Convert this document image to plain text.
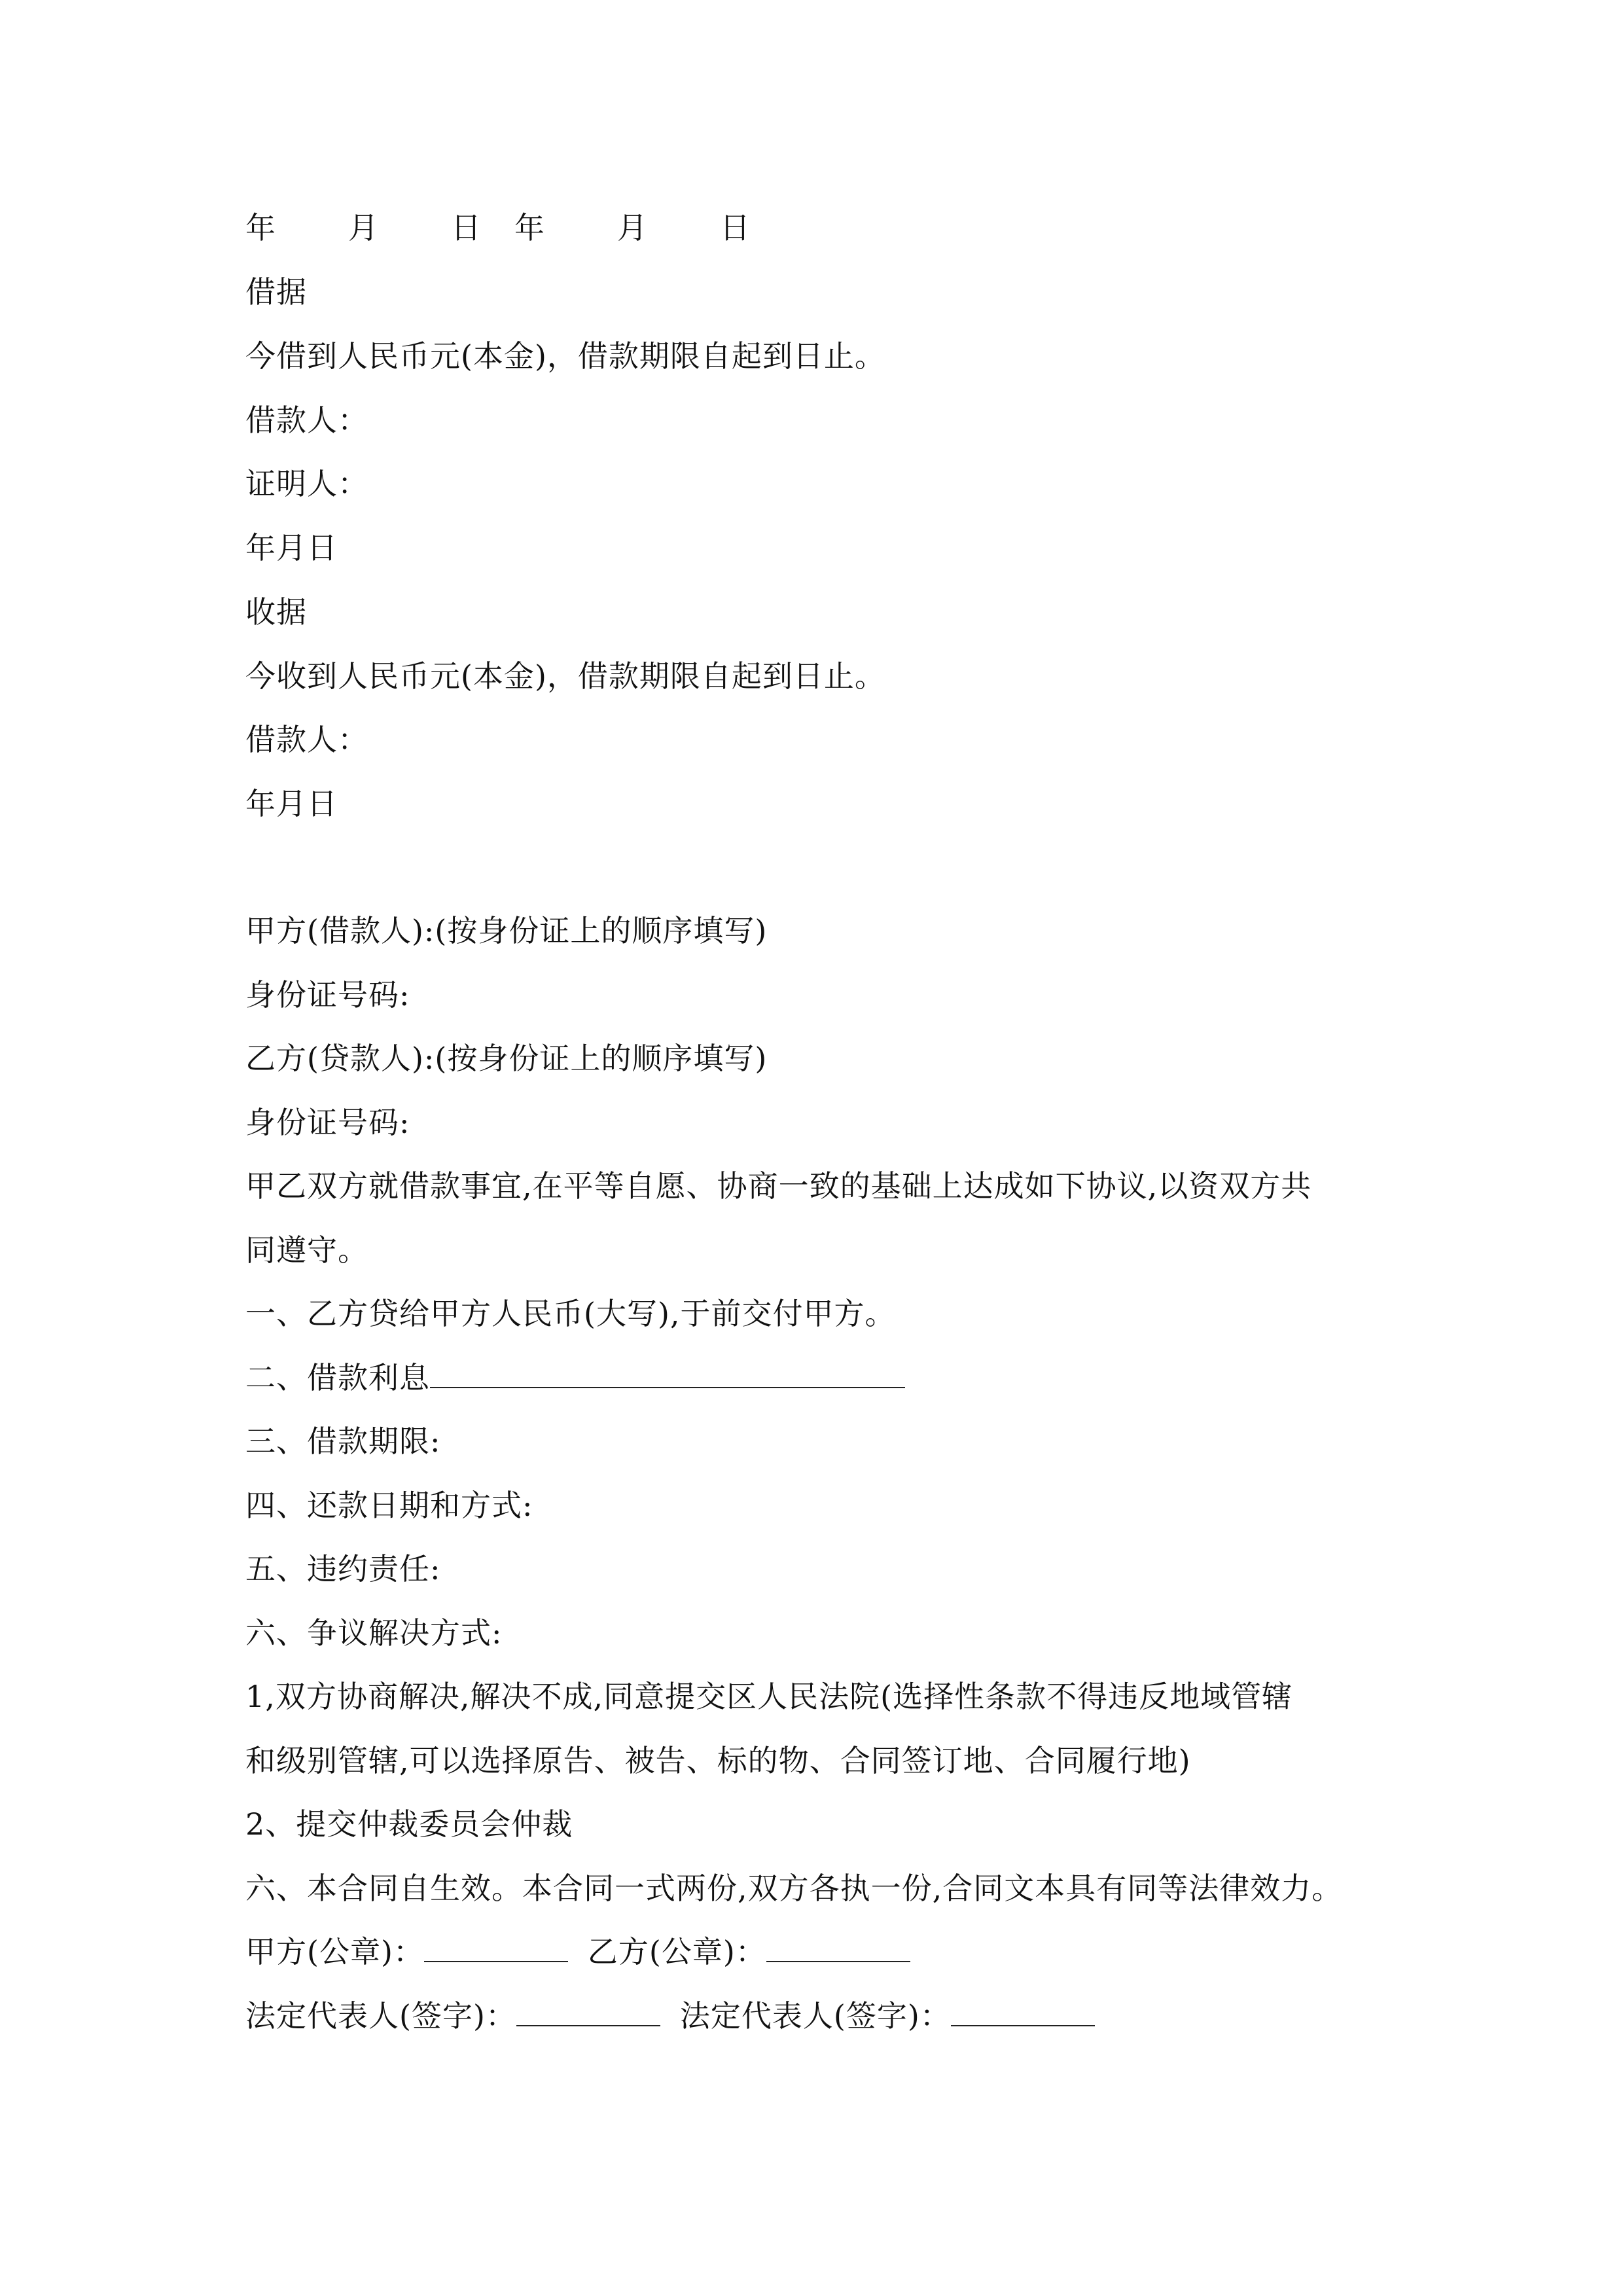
年 月 日 年 月 日

借据

今借到人民币元(本金)，借款期限自起到日止。

借款人：

证明人：

年月日

收据

今收到人民币元(本金)，借款期限自起到日止。

借款人：

年月日

甲方(借款人):(按身份证上的顺序填写)

身份证号码:

乙方(贷款人):(按身份证上的顺序填写)

身份证号码:

甲乙双方就借款事宜,在平等自愿、协商一致的基础上达成如下协议,以资双方共

同遵守。

一、乙方贷给甲方人民币(大写),于前交付甲方。

二、借款利息

三、借款期限:

四、还款日期和方式:

五、违约责任:

六、争议解决方式:

1,双方协商解决,解决不成,同意提交区人民法院(选择性条款不得违反地域管辖

和级别管辖,可以选择原告、被告、标的物、合同签订地、合同履行地)

2、提交仲裁委员会仲裁

六、本合同自生效。本合同一式两份,双方各执一份,合同文本具有同等法律效力。

甲方(公章)：	乙方(公章)：
法定代表人(签字)：	法定代表人(签字)：
